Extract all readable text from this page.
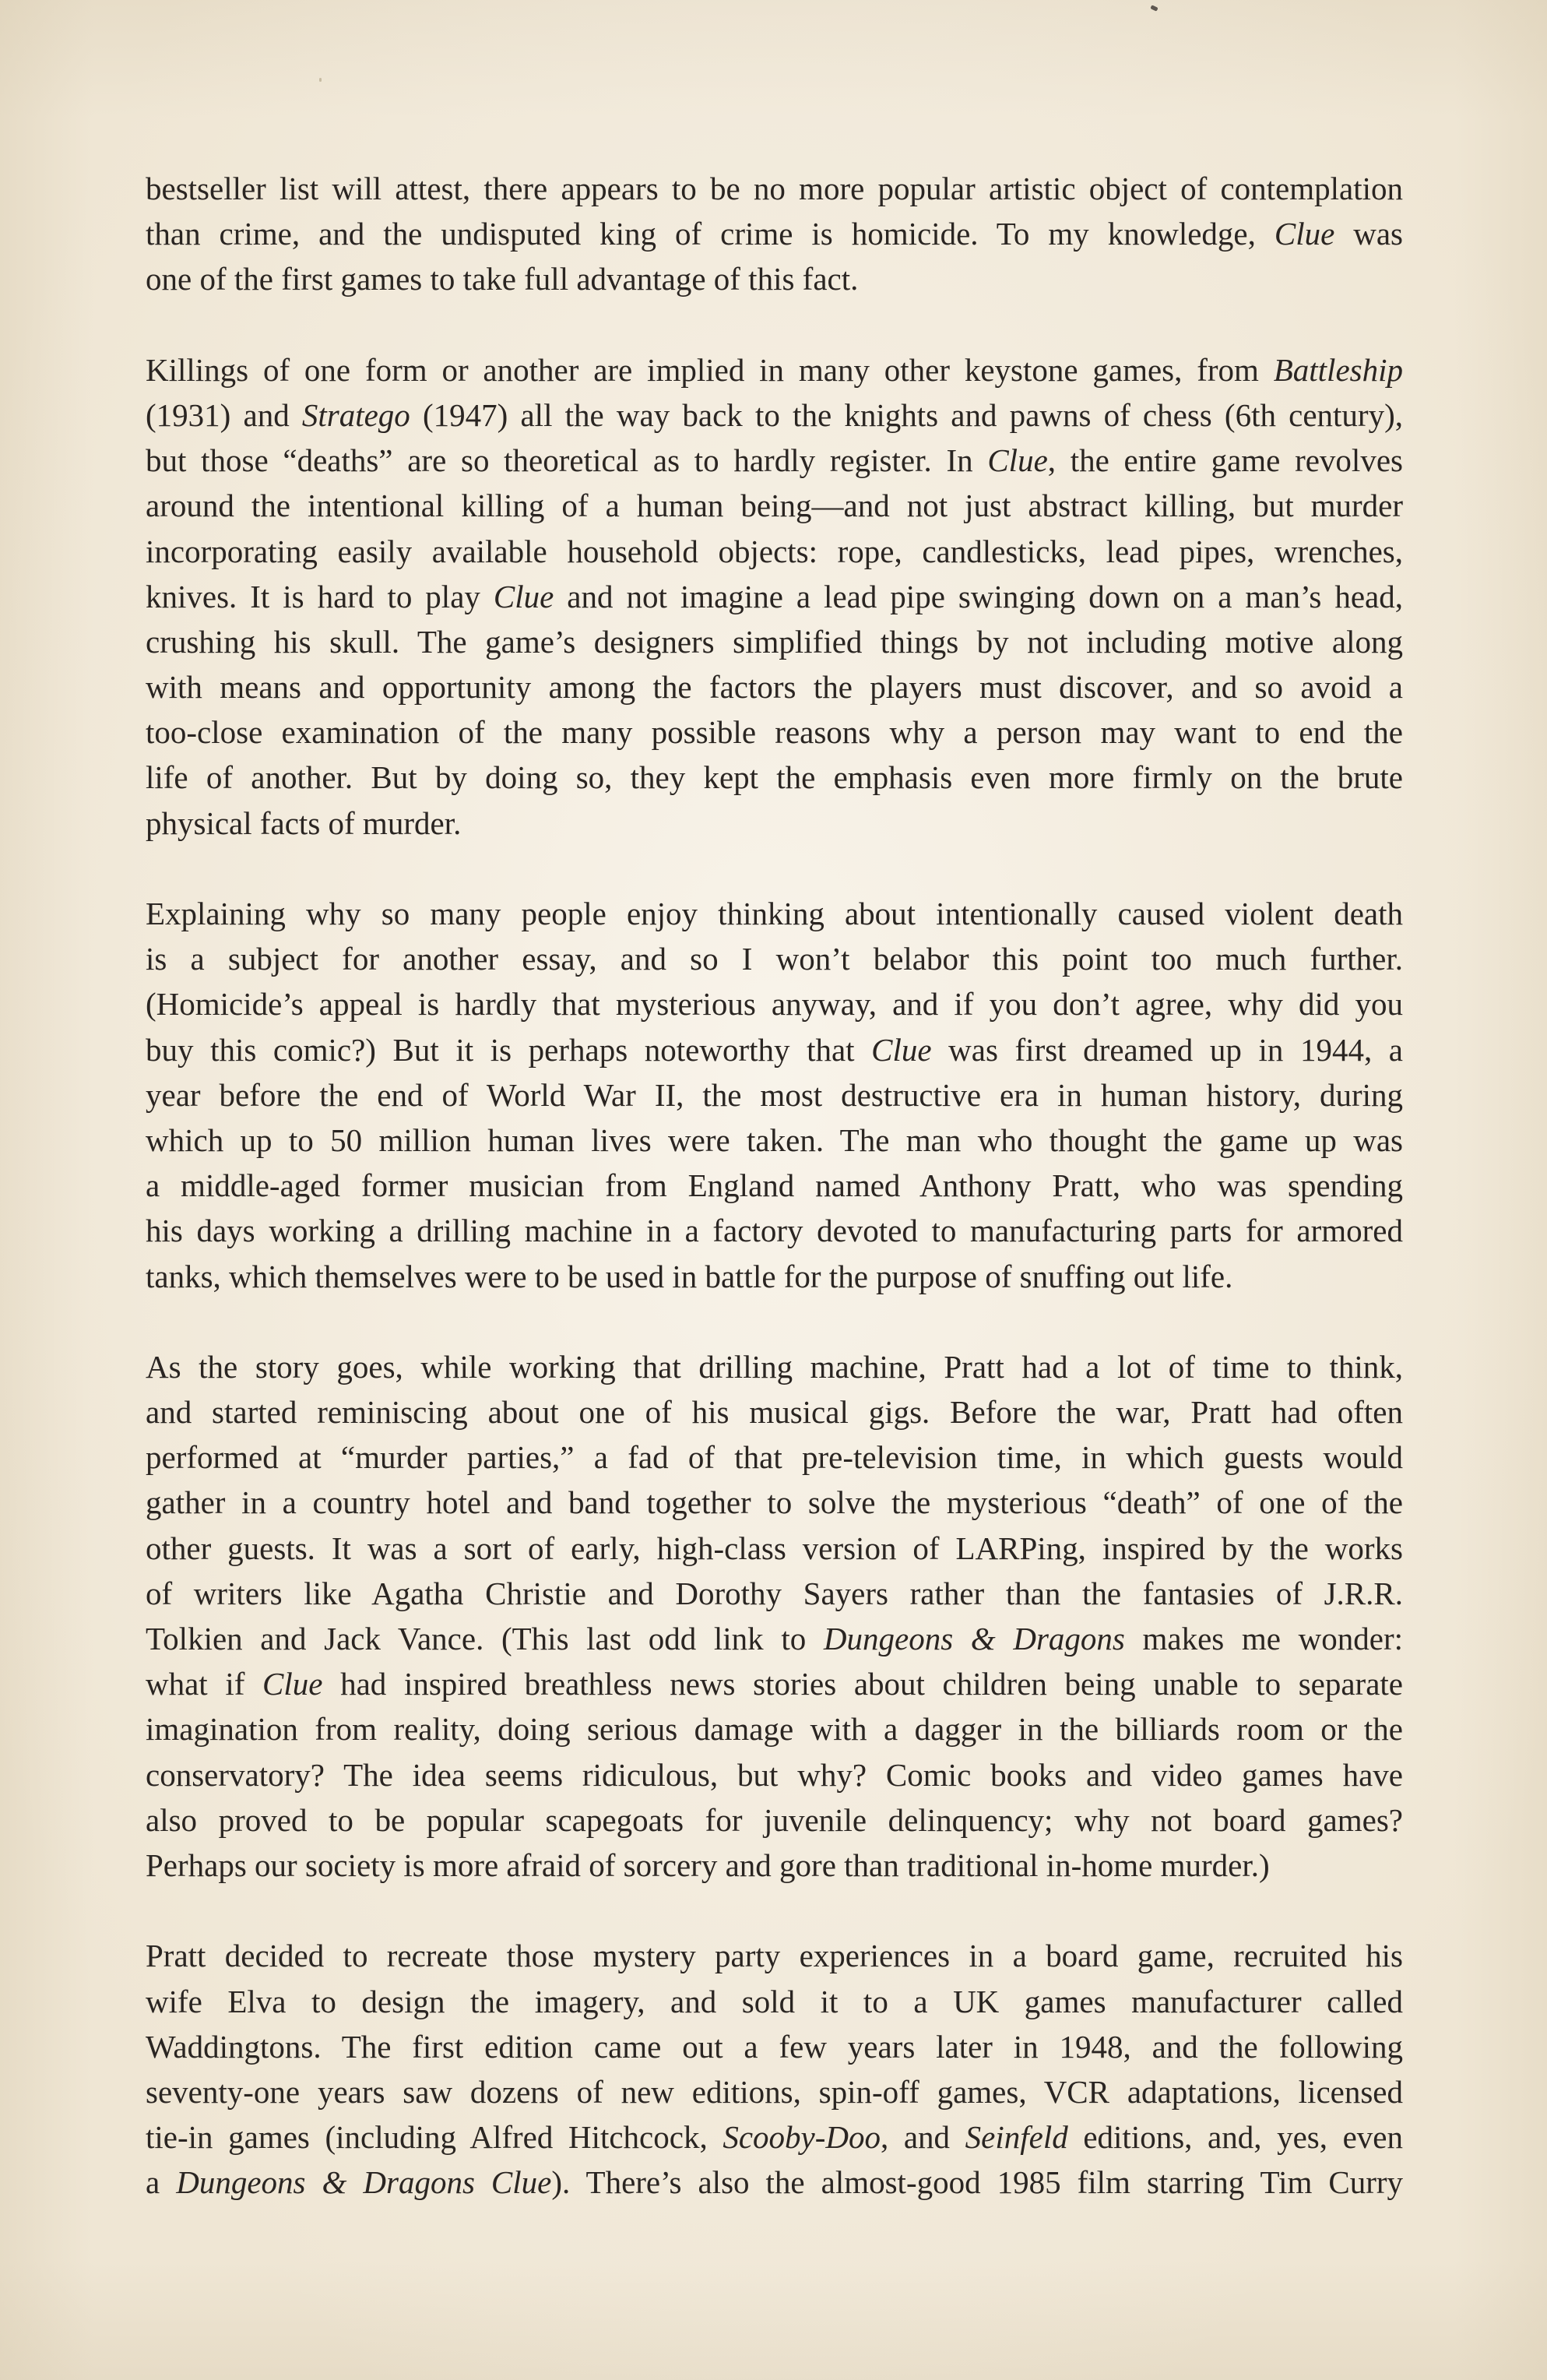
bestseller list will attest, there appears to be no more popular artistic object of contemplation
than crime, and the undisputed king of crime is homicide. To my knowledge, Clue was
one of the first games to take full advantage of this fact.
Killings of one form or another are implied in many other keystone games, from Battleship
(1931) and Stratego (1947) all the way back to the knights and pawns of chess (6th century),
but those “deaths” are so theoretical as to hardly register. In Clue, the entire game revolves
around the intentional killing of a human being—and not just abstract killing, but murder
incorporating easily available household objects: rope, candlesticks, lead pipes, wrenches,
knives. It is hard to play Clue and not imagine a lead pipe swinging down on a man’s head,
crushing his skull. The game’s designers simplified things by not including motive along
with means and opportunity among the factors the players must discover, and so avoid a
too-close examination of the many possible reasons why a person may want to end the
life of another. But by doing so, they kept the emphasis even more firmly on the brute
physical facts of murder.
Explaining why so many people enjoy thinking about intentionally caused violent death
is a subject for another essay, and so I won’t belabor this point too much further.
(Homicide’s appeal is hardly that mysterious anyway, and if you don’t agree, why did you
buy this comic?) But it is perhaps noteworthy that Clue was first dreamed up in 1944, a
year before the end of World War II, the most destructive era in human history, during
which up to 50 million human lives were taken. The man who thought the game up was
a middle-aged former musician from England named Anthony Pratt, who was spending
his days working a drilling machine in a factory devoted to manufacturing parts for armored
tanks, which themselves were to be used in battle for the purpose of snuffing out life.
As the story goes, while working that drilling machine, Pratt had a lot of time to think,
and started reminiscing about one of his musical gigs. Before the war, Pratt had often
performed at “murder parties,” a fad of that pre-television time, in which guests would
gather in a country hotel and band together to solve the mysterious “death” of one of the
other guests. It was a sort of early, high-class version of LARPing, inspired by the works
of writers like Agatha Christie and Dorothy Sayers rather than the fantasies of J.R.R.
Tolkien and Jack Vance. (This last odd link to Dungeons & Dragons makes me wonder:
what if Clue had inspired breathless news stories about children being unable to separate
imagination from reality, doing serious damage with a dagger in the billiards room or the
conservatory? The idea seems ridiculous, but why? Comic books and video games have
also proved to be popular scapegoats for juvenile delinquency; why not board games?
Perhaps our society is more afraid of sorcery and gore than traditional in-home murder.)
Pratt decided to recreate those mystery party experiences in a board game, recruited his
wife Elva to design the imagery, and sold it to a UK games manufacturer called
Waddingtons. The first edition came out a few years later in 1948, and the following
seventy-one years saw dozens of new editions, spin-off games, VCR adaptations, licensed
tie-in games (including Alfred Hitchcock, Scooby-Doo, and Seinfeld editions, and, yes, even
a Dungeons & Dragons Clue). There’s also the almost-good 1985 film starring Tim Curry
